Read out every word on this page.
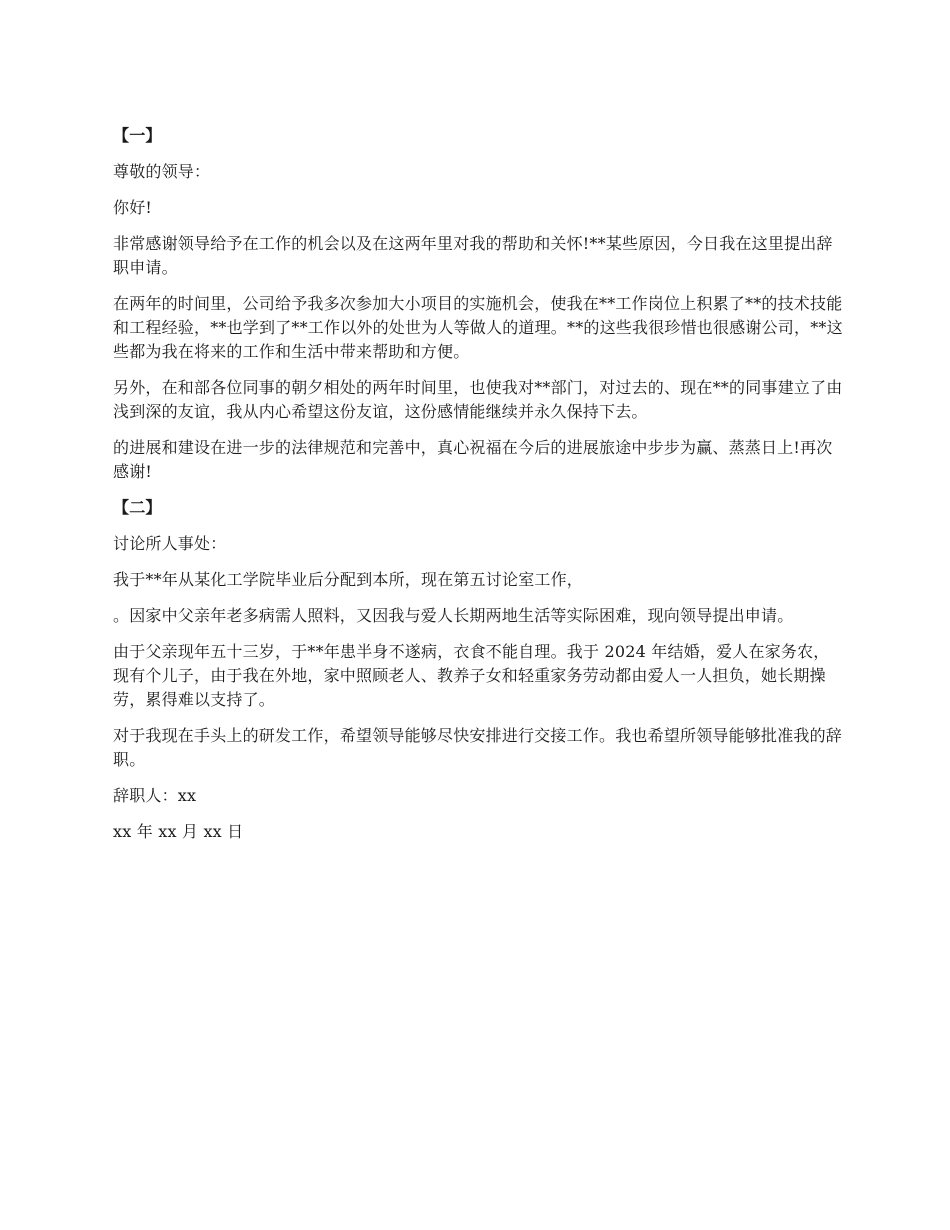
【一】

尊敬的领导：

你好!

非常感谢领导给予在工作的机会以及在这两年里对我的帮助和关怀!**某些原因，今日我在这里提出辞职申请。

在两年的时间里，公司给予我多次参加大小项目的实施机会，使我在**工作岗位上积累了**的技术技能和工程经验，**也学到了**工作以外的处世为人等做人的道理。**的这些我很珍惜也很感谢公司，**这些都为我在将来的工作和生活中带来帮助和方便。

另外，在和部各位同事的朝夕相处的两年时间里，也使我对**部门，对过去的、现在**的同事建立了由浅到深的友谊，我从内心希望这份友谊，这份感情能继续并永久保持下去。

的进展和建设在进一步的法律规范和完善中，真心祝福在今后的进展旅途中步步为赢、蒸蒸日上!再次感谢!

【二】

讨论所人事处：

我于**年从某化工学院毕业后分配到本所，现在第五讨论室工作，

。因家中父亲年老多病需人照料，又因我与爱人长期两地生活等实际困难，现向领导提出申请。

由于父亲现年五十三岁，于**年患半身不遂病，衣食不能自理。我于 2024 年结婚，爱人在家务农，现有个儿子，由于我在外地，家中照顾老人、教养子女和轻重家务劳动都由爱人一人担负，她长期操劳，累得难以支持了。

对于我现在手头上的研发工作，希望领导能够尽快安排进行交接工作。我也希望所领导能够批准我的辞职。

辞职人：xx

xx 年 xx 月 xx 日
